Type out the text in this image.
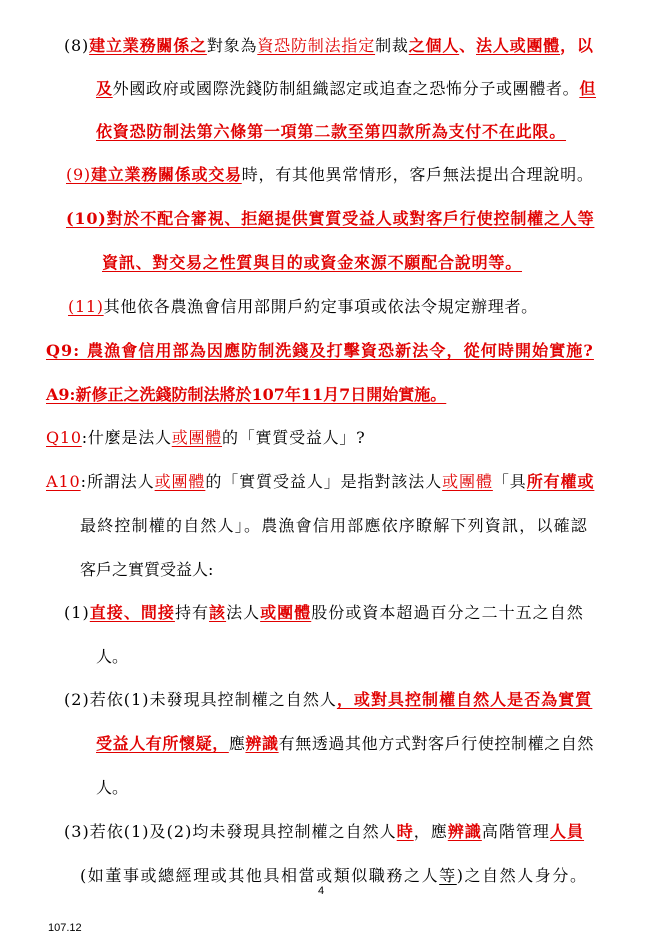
(8)建立業務關係之對象為資恐防制法指定制裁之個人、法人或團體，以
及外國政府或國際洗錢防制組織認定或追查之恐怖分子或團體者。但
依資恐防制法第六條第一項第二款至第四款所為支付不在此限。
(9)建立業務關係或交易時，有其他異常情形，客戶無法提出合理說明。
(10)對於不配合審視、拒絕提供實質受益人或對客戶行使控制權之人等
資訊、對交易之性質與目的或資金來源不願配合說明等。
(11)其他依各農漁會信用部開戶約定事項或依法令規定辦理者。
Q9: 農漁會信用部為因應防制洗錢及打擊資恐新法令，從何時開始實施?
A9:新修正之洗錢防制法將於107年11月7日開始實施。
Q10:什麼是法人或團體的「實質受益人」?
A10:所謂法人或團體的「實質受益人」是指對該法人或團體「具所有權或
最終控制權的自然人」。農漁會信用部應依序瞭解下列資訊，以確認
客戶之實質受益人:
(1)直接、間接持有該法人或團體股份或資本超過百分之二十五之自然
人。
(2)若依(1)未發現具控制權之自然人，或對具控制權自然人是否為實質
受益人有所懷疑，應辨識有無透過其他方式對客戶行使控制權之自然
人。
(3)若依(1)及(2)均未發現具控制權之自然人時，應辨識高階管理人員
(如董事或總經理或其他具相當或類似職務之人等)之自然人身分。
4
107.12
